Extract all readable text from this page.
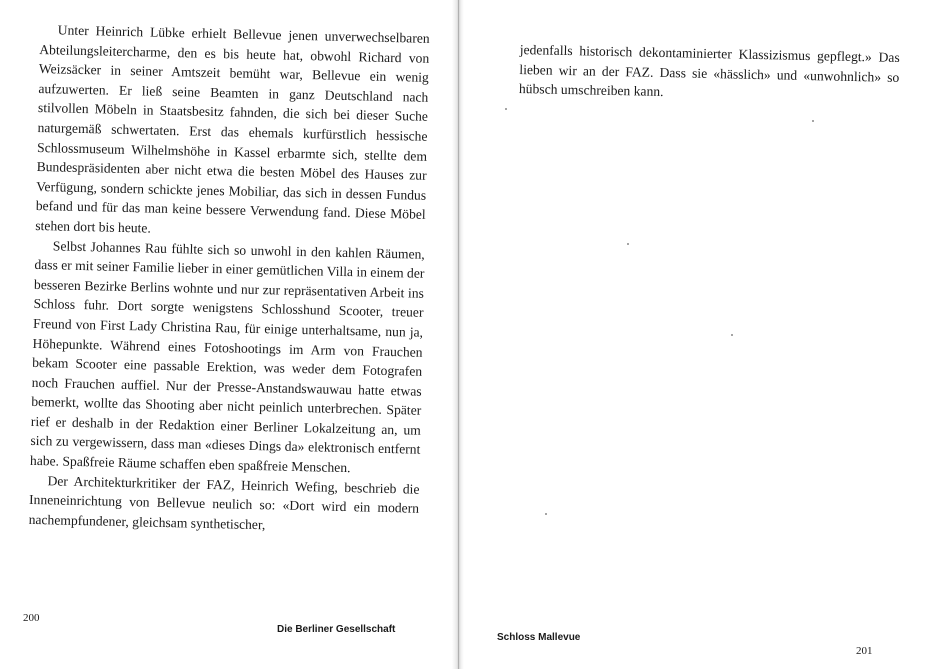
Unter Heinrich Lübke erhielt Bellevue jenen unverwechselbaren Abteilungsleitercharme, den es bis heute hat, obwohl Richard von Weizsäcker in seiner Amtszeit bemüht war, Bellevue ein wenig aufzuwerten. Er ließ seine Beamten in ganz Deutschland nach stilvollen Möbeln in Staatsbesitz fahnden, die sich bei dieser Suche naturgemäß schwertaten. Erst das ehemals kurfürstlich hessische Schlossmuseum Wilhelmshöhe in Kassel erbarmte sich, stellte dem Bundespräsidenten aber nicht etwa die besten Möbel des Hauses zur Verfügung, sondern schickte jenes Mobiliar, das sich in dessen Fundus befand und für das man keine bessere Verwendung fand. Diese Möbel stehen dort bis heute.

Selbst Johannes Rau fühlte sich so unwohl in den kahlen Räumen, dass er mit seiner Familie lieber in einer gemütlichen Villa in einem der besseren Bezirke Berlins wohnte und nur zur repräsentativen Arbeit ins Schloss fuhr. Dort sorgte wenigstens Schlosshund Scooter, treuer Freund von First Lady Christina Rau, für einige unterhaltsame, nun ja, Höhepunkte. Während eines Fotoshootings im Arm von Frauchen bekam Scooter eine passable Erektion, was weder dem Fotografen noch Frauchen auffiel. Nur der Presse-Anstandswauwau hatte etwas bemerkt, wollte das Shooting aber nicht peinlich unterbrechen. Später rief er deshalb in der Redaktion einer Berliner Lokalzeitung an, um sich zu vergewissern, dass man «dieses Dings da» elektronisch entfernt habe. Spaßfreie Räume schaffen eben spaßfreie Menschen.

Der Architekturkritiker der FAZ, Heinrich Wefing, beschrieb die Inneneinrichtung von Bellevue neulich so: «Dort wird ein modern nachempfundener, gleichsam synthetischer,

200
Die Berliner Gesellschaft

jedenfalls historisch dekontaminierter Klassizismus gepflegt.» Das lieben wir an der FAZ. Dass sie «hässlich» und «unwohnlich» so hübsch umschreiben kann.

Schloss Mallevue
201
